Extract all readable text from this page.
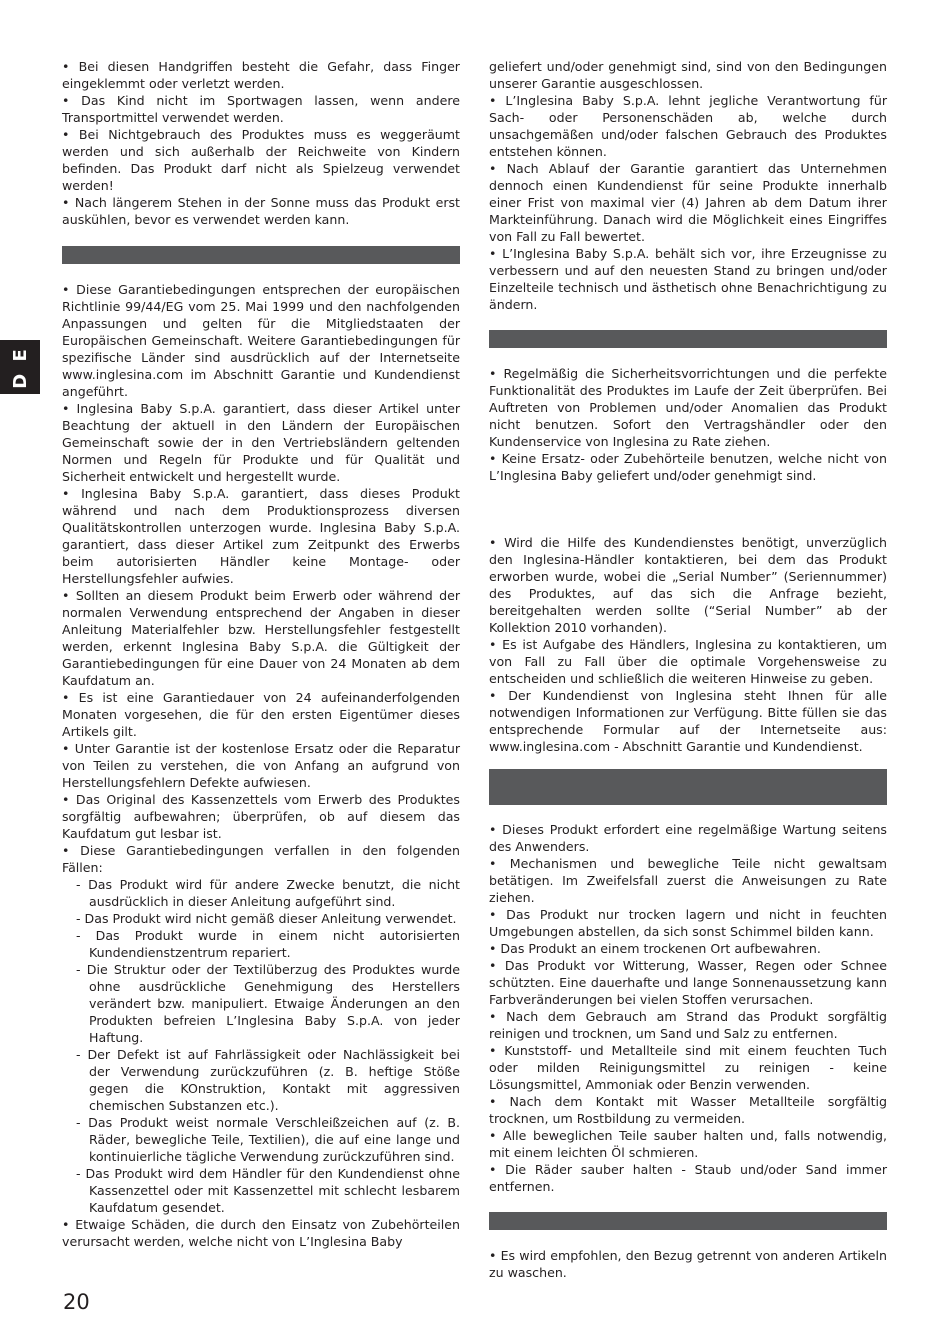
D E

• Bei diesen Handgriffen besteht die Gefahr, dass Finger eingeklemmt oder verletzt werden.

• Das Kind nicht im Sportwagen lassen, wenn andere Transportmittel verwendet werden.

• Bei Nichtgebrauch des Produktes muss es weggeräumt werden und sich außerhalb der Reichweite von Kindern befinden. Das Produkt darf nicht als Spielzeug verwendet werden!

• Nach längerem Stehen in der Sonne muss das Produkt erst auskühlen, bevor es verwendet werden kann.

• Diese Garantiebedingungen entsprechen der europäischen Richtlinie 99/44/EG vom 25. Mai 1999 und den nachfolgenden Anpassungen und gelten für die Mitgliedstaaten der Europäischen Gemeinschaft. Weitere Garantiebedingungen für spezifische Länder sind ausdrücklich auf der Internetseite www.inglesina.com im Abschnitt Garantie und Kundendienst angeführt.

• Inglesina Baby S.p.A. garantiert, dass dieser Artikel unter Beachtung der aktuell in den Ländern der Europäischen Gemeinschaft sowie der in den Vertriebsländern geltenden Normen und Regeln für Produkte und für Qualität und Sicherheit entwickelt und hergestellt wurde.

• Inglesina Baby S.p.A. garantiert, dass dieses Produkt während und nach dem Produktionsprozess diversen Qualitätskontrollen unterzogen wurde. Inglesina Baby S.p.A. garantiert, dass dieser Artikel zum Zeitpunkt des Erwerbs beim autorisierten Händler keine Montage- oder Herstellungsfehler aufwies.

• Sollten an diesem Produkt beim Erwerb oder während der normalen Verwendung entsprechend der Angaben in dieser Anleitung Materialfehler bzw. Herstellungsfehler festgestellt werden, erkennt Inglesina Baby S.p.A. die Gültigkeit der Garantiebedingungen für eine Dauer von 24 Monaten ab dem Kaufdatum an.

• Es ist eine Garantiedauer von 24 aufeinanderfolgenden Monaten vorgesehen, die für den ersten Eigentümer dieses Artikels gilt.

• Unter Garantie ist der kostenlose Ersatz oder die Reparatur von Teilen zu verstehen, die von Anfang an aufgrund von Herstellungsfehlern Defekte aufwiesen.

• Das Original des Kassenzettels vom Erwerb des Produktes sorgfältig aufbewahren; überprüfen, ob auf diesem das Kaufdatum gut lesbar ist.

• Diese Garantiebedingungen verfallen in den folgenden Fällen:

- Das Produkt wird für andere Zwecke benutzt, die nicht ausdrücklich in dieser Anleitung aufgeführt sind.

- Das Produkt wird nicht gemäß dieser Anleitung verwendet.

- Das Produkt wurde in einem nicht autorisierten Kundendienstzentrum repariert.

- Die Struktur oder der Textilüberzug des Produktes wurde ohne ausdrückliche Genehmigung des Herstellers verändert bzw. manipuliert. Etwaige Änderungen an den Produkten befreien L’Inglesina Baby S.p.A. von jeder Haftung.

- Der Defekt ist auf Fahrlässigkeit oder Nachlässigkeit bei der Verwendung zurückzuführen (z. B. heftige Stöße gegen die KOnstruktion, Kontakt mit aggressiven chemischen Substanzen etc.).

- Das Produkt weist normale Verschleißzeichen auf (z. B. Räder, bewegliche Teile, Textilien), die auf eine lange und kontinuierliche tägliche Verwendung zurückzuführen sind.

- Das Produkt wird dem Händler für den Kundendienst ohne Kassenzettel oder mit Kassenzettel mit schlecht lesbarem Kaufdatum gesendet.

• Etwaige Schäden, die durch den Einsatz von Zubehörteilen verursacht werden, welche nicht von L’Inglesina Baby

geliefert und/oder genehmigt sind, sind von den Bedingungen unserer Garantie ausgeschlossen.

• L’Inglesina Baby S.p.A. lehnt jegliche Verantwortung für Sach- oder Personenschäden ab, welche durch unsachgemäßen und/oder falschen Gebrauch des Produktes entstehen können.

• Nach Ablauf der Garantie garantiert das Unternehmen dennoch einen Kundendienst für seine Produkte innerhalb einer Frist von maximal vier (4) Jahren ab dem Datum ihrer Markteinführung. Danach wird die Möglichkeit eines Eingriffes von Fall zu Fall bewertet.

• L’Inglesina Baby S.p.A. behält sich vor, ihre Erzeugnisse zu verbessern und auf den neuesten Stand zu bringen und/oder Einzelteile technisch und ästhetisch ohne Benachrichtigung zu ändern.

• Regelmäßig die Sicherheitsvorrichtungen und die perfekte Funktionalität des Produktes im Laufe der Zeit überprüfen. Bei Auftreten von Problemen und/oder Anomalien das Produkt nicht benutzen. Sofort den Vertragshändler oder den Kundenservice von Inglesina zu Rate ziehen.

• Keine Ersatz- oder Zubehörteile benutzen, welche nicht von L’Inglesina Baby geliefert und/oder genehmigt sind.

• Wird die Hilfe des Kundendienstes benötigt, unverzüglich den Inglesina-Händler kontaktieren, bei dem das Produkt erworben wurde, wobei die „Serial Number” (Seriennummer) des Produktes, auf das sich die Anfrage bezieht, bereitgehalten werden sollte (“Serial Number” ab der Kollektion 2010 vorhanden).

• Es ist Aufgabe des Händlers, Inglesina zu kontaktieren, um von Fall zu Fall über die optimale Vorgehensweise zu entscheiden und schließlich die weiteren Hinweise zu geben.

• Der Kundendienst von Inglesina steht Ihnen für alle notwendigen Informationen zur Verfügung. Bitte füllen sie das entsprechende Formular auf der Internetseite aus: www.inglesina.com - Abschnitt Garantie und Kundendienst.

• Dieses Produkt erfordert eine regelmäßige Wartung seitens des Anwenders.

• Mechanismen und bewegliche Teile nicht gewaltsam betätigen. Im Zweifelsfall zuerst die Anweisungen zu Rate ziehen.

• Das Produkt nur trocken lagern und nicht in feuchten Umgebungen abstellen, da sich sonst Schimmel bilden kann.

• Das Produkt an einem trockenen Ort aufbewahren.

• Das Produkt vor Witterung, Wasser, Regen oder Schnee schützten. Eine dauerhafte und lange Sonnenaussetzung kann Farbveränderungen bei vielen Stoffen verursachen.

• Nach dem Gebrauch am Strand das Produkt sorgfältig reinigen und trocknen, um Sand und Salz zu entfernen.

• Kunststoff- und Metallteile sind mit einem feuchten Tuch oder milden Reinigungsmittel zu reinigen - keine Lösungsmittel, Ammoniak oder Benzin verwenden.

• Nach dem Kontakt mit Wasser Metallteile sorgfältig trocknen, um Rostbildung zu vermeiden.

• Alle beweglichen Teile sauber halten und, falls notwendig, mit einem leichten Öl schmieren.

• Die Räder sauber halten - Staub und/oder Sand immer entfernen.

• Es wird empfohlen, den Bezug getrennt von anderen Artikeln zu waschen.

20
